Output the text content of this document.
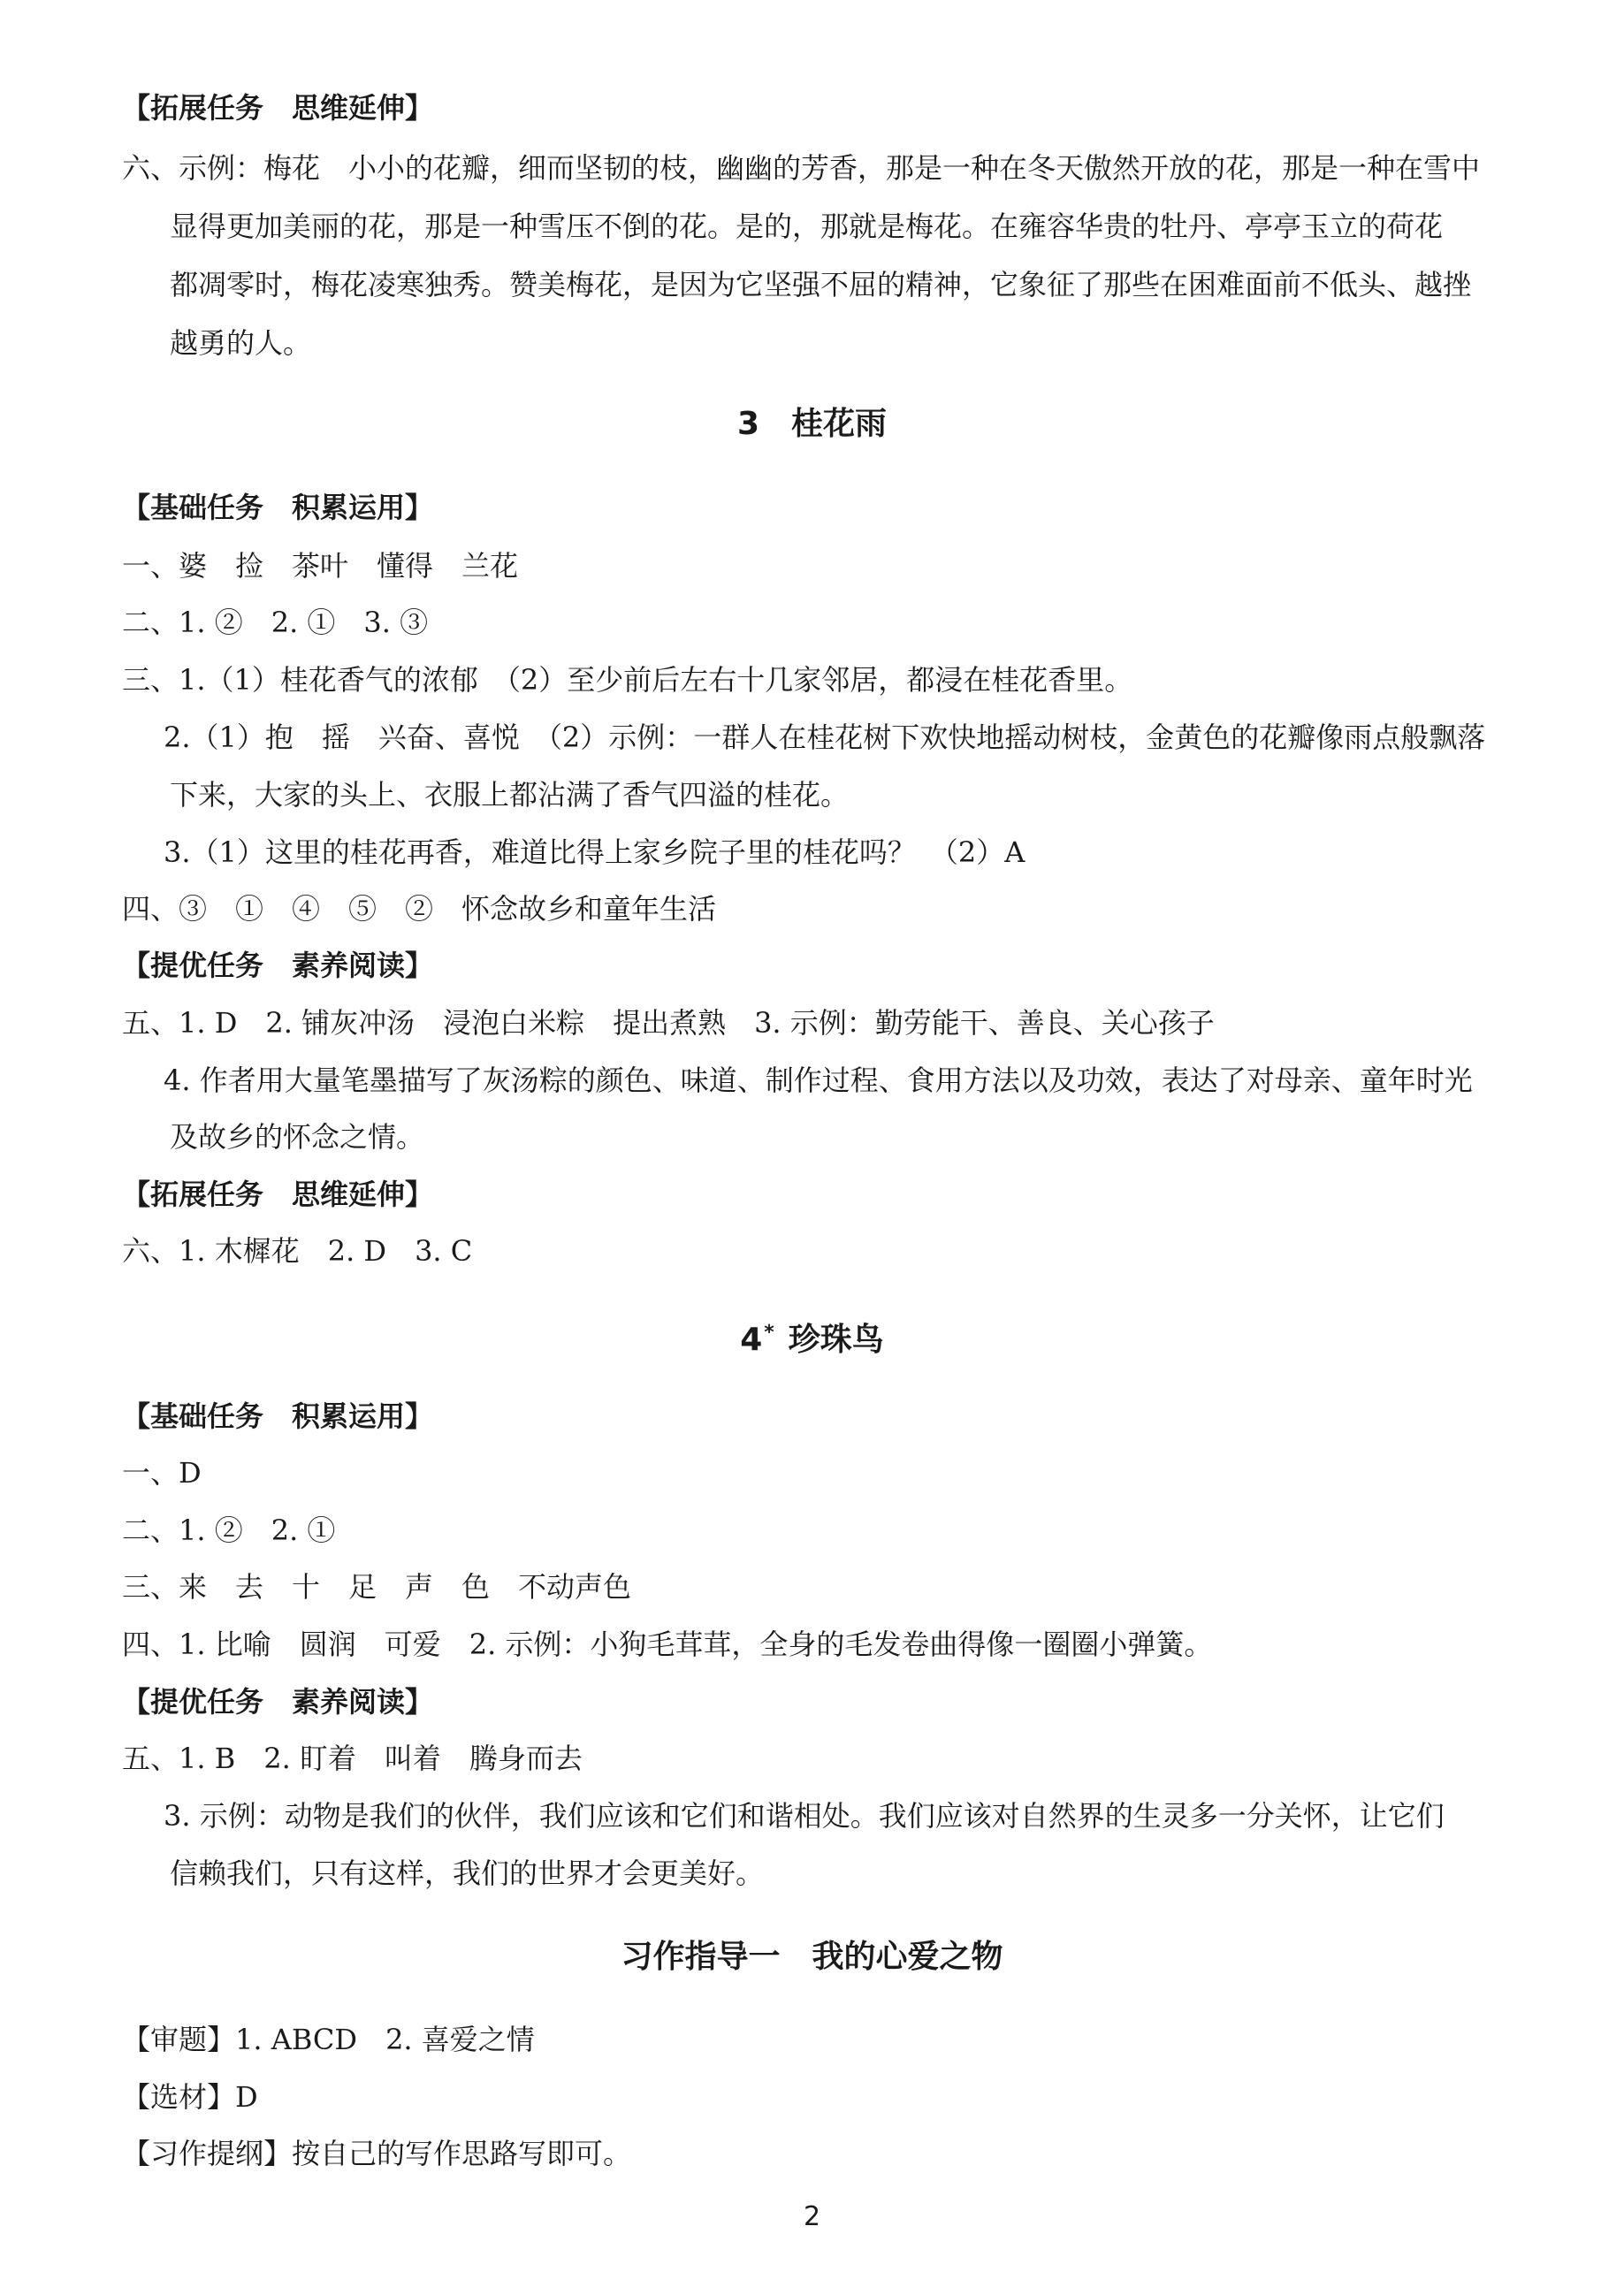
【拓展任务　思维延伸】
六、示例：梅花　小小的花瓣，细而坚韧的枝，幽幽的芳香，那是一种在冬天傲然开放的花，那是一种在雪中
显得更加美丽的花，那是一种雪压不倒的花。是的，那就是梅花。在雍容华贵的牡丹、亭亭玉立的荷花
都凋零时，梅花凌寒独秀。赞美梅花，是因为它坚强不屈的精神，它象征了那些在困难面前不低头、越挫
越勇的人。
3 桂花雨
【基础任务　积累运用】
一、婆　捡　茶叶　懂得　兰花
二、1. ②　2. ①　3. ③
三、1.（1）桂花香气的浓郁　（2）至少前后左右十几家邻居，都浸在桂花香里。
2.（1）抱　摇　兴奋、喜悦　（2）示例：一群人在桂花树下欢快地摇动树枝，金黄色的花瓣像雨点般飘落
下来，大家的头上、衣服上都沾满了香气四溢的桂花。
3.（1）这里的桂花再香，难道比得上家乡院子里的桂花吗？　（2）A
四、③　①　④　⑤　②　怀念故乡和童年生活
【提优任务　素养阅读】
五、1. D　2. 铺灰冲汤　浸泡白米粽　提出煮熟　3. 示例：勤劳能干、善良、关心孩子
4. 作者用大量笔墨描写了灰汤粽的颜色、味道、制作过程、食用方法以及功效，表达了对母亲、童年时光
及故乡的怀念之情。
【拓展任务　思维延伸】
六、1. 木樨花　2. D　3. C
4* 珍珠鸟
【基础任务　积累运用】
一、D
二、1. ②　2. ①
三、来　去　十　足　声　色　不动声色
四、1. 比喻　圆润　可爱　2. 示例：小狗毛茸茸，全身的毛发卷曲得像一圈圈小弹簧。
【提优任务　素养阅读】
五、1. B　2. 盯着　叫着　腾身而去
3. 示例：动物是我们的伙伴，我们应该和它们和谐相处。我们应该对自然界的生灵多一分关怀，让它们
信赖我们，只有这样，我们的世界才会更美好。
习作指导一　我的心爱之物
【审题】1. ABCD　2. 喜爱之情
【选材】D
【习作提纲】按自己的写作思路写即可。
2
